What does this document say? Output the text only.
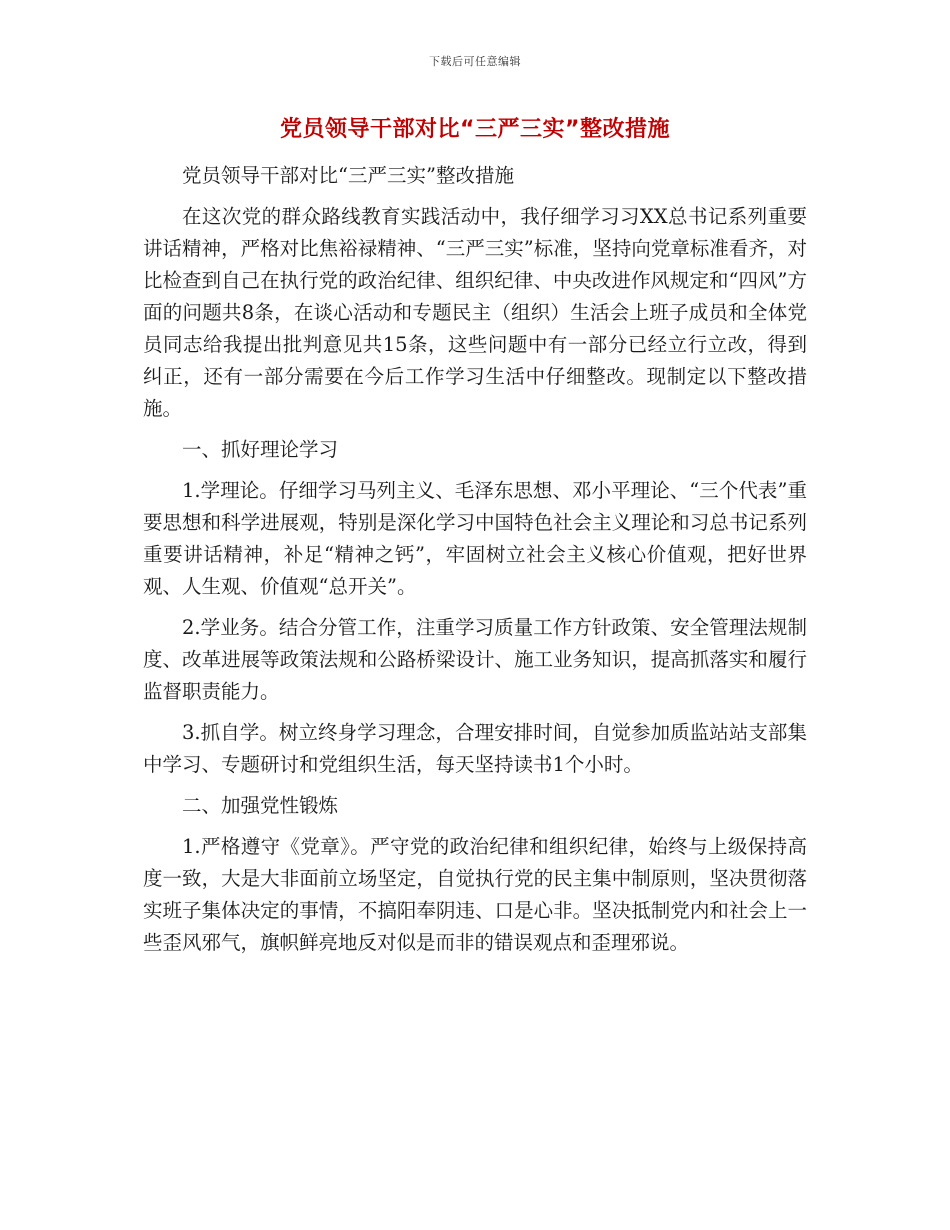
下载后可任意编辑
党员领导干部对比“三严三实”整改措施

党员领导干部对比“三严三实”整改措施

在这次党的群众路线教育实践活动中，我仔细学习习XX总书记系列重要讲话精神，严格对比焦裕禄精神、“三严三实”标准，坚持向党章标准看齐，对比检查到自己在执行党的政治纪律、组织纪律、中央改进作风规定和“四风”方面的问题共8条，在谈心活动和专题民主（组织）生活会上班子成员和全体党员同志给我提出批判意见共15条，这些问题中有一部分已经立行立改，得到纠正，还有一部分需要在今后工作学习生活中仔细整改。现制定以下整改措施。

一、抓好理论学习

1.学理论。仔细学习马列主义、毛泽东思想、邓小平理论、“三个代表”重要思想和科学进展观，特别是深化学习中国特色社会主义理论和习总书记系列重要讲话精神，补足“精神之钙”，牢固树立社会主义核心价值观，把好世界观、人生观、价值观“总开关”。

2.学业务。结合分管工作，注重学习质量工作方针政策、安全管理法规制度、改革进展等政策法规和公路桥梁设计、施工业务知识，提高抓落实和履行监督职责能力。

3.抓自学。树立终身学习理念，合理安排时间，自觉参加质监站站支部集中学习、专题研讨和党组织生活，每天坚持读书1个小时。

二、加强党性锻炼

1.严格遵守《党章》。严守党的政治纪律和组织纪律，始终与上级保持高度一致，大是大非面前立场坚定，自觉执行党的民主集中制原则，坚决贯彻落实班子集体决定的事情，不搞阳奉阴违、口是心非。坚决抵制党内和社会上一些歪风邪气，旗帜鲜亮地反对似是而非的错误观点和歪理邪说。
